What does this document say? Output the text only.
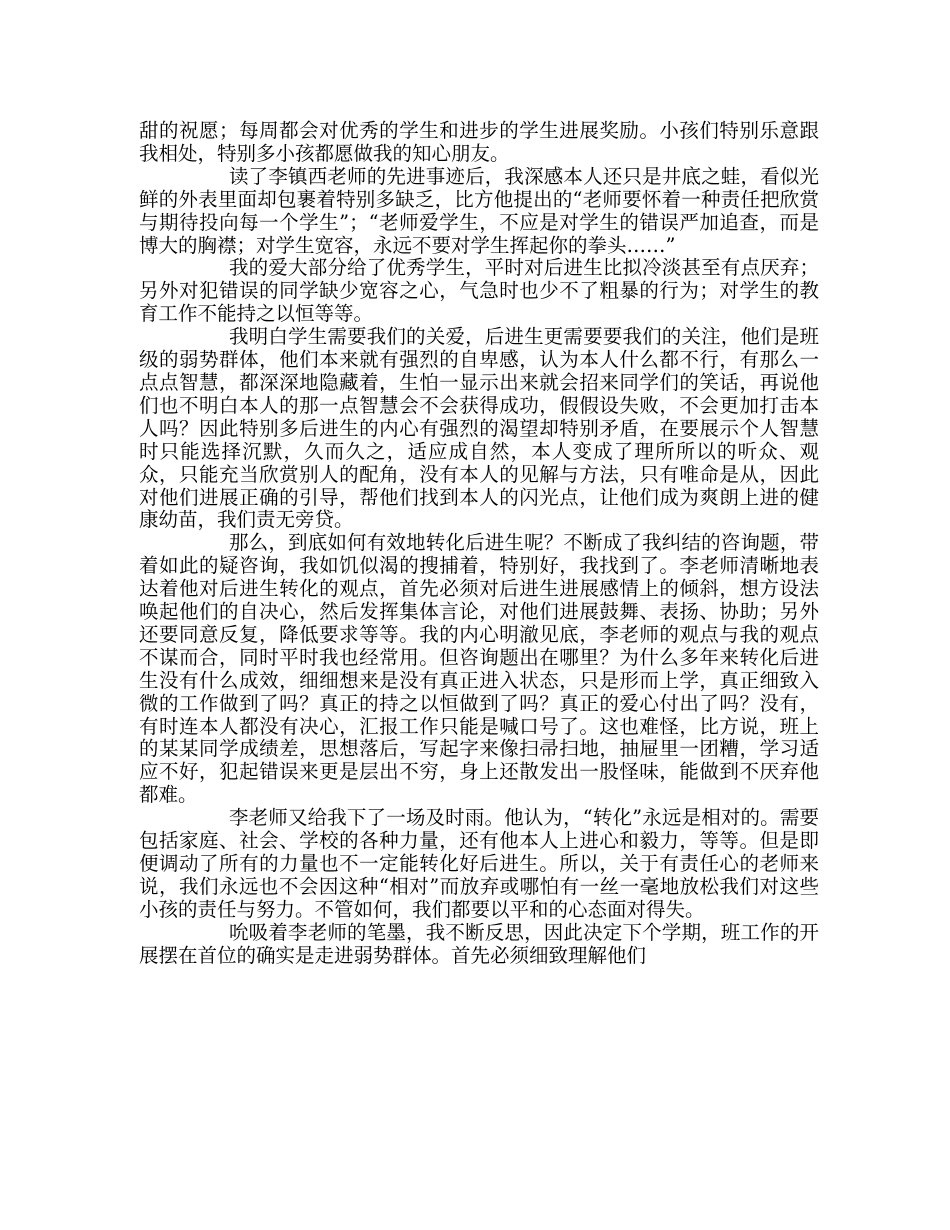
甜的祝愿；每周都会对优秀的学生和进步的学生进展奖励。小孩们特别乐意跟我相处，特别多小孩都愿做我的知心朋友。

读了李镇西老师的先进事迹后，我深感本人还只是井底之蛙，看似光鲜的外表里面却包裹着特别多缺乏，比方他提出的“老师要怀着一种责任把欣赏与期待投向每一个学生”；“老师爱学生，不应是对学生的错误严加追查，而是博大的胸襟；对学生宽容，永远不要对学生挥起你的拳头……”

我的爱大部分给了优秀学生，平时对后进生比拟冷淡甚至有点厌弃；另外对犯错误的同学缺少宽容之心，气急时也少不了粗暴的行为；对学生的教育工作不能持之以恒等等。

我明白学生需要我们的关爱，后进生更需要要我们的关注，他们是班级的弱势群体，他们本来就有强烈的自卑感，认为本人什么都不行，有那么一点点智慧，都深深地隐藏着，生怕一显示出来就会招来同学们的笑话，再说他们也不明白本人的那一点智慧会不会获得成功，假假设失败，不会更加打击本人吗？因此特别多后进生的内心有强烈的渴望却特别矛盾，在要展示个人智慧时只能选择沉默，久而久之，适应成自然，本人变成了理所所以的听众、观众，只能充当欣赏别人的配角，没有本人的见解与方法，只有唯命是从，因此对他们进展正确的引导，帮他们找到本人的闪光点，让他们成为爽朗上进的健康幼苗，我们责无旁贷。

那么，到底如何有效地转化后进生呢？不断成了我纠结的咨询题，带着如此的疑咨询，我如饥似渴的搜捕着，特别好，我找到了。李老师清晰地表达着他对后进生转化的观点，首先必须对后进生进展感情上的倾斜，想方设法唤起他们的自决心，然后发挥集体言论，对他们进展鼓舞、表扬、协助；另外还要同意反复，降低要求等等。我的内心明澈见底，李老师的观点与我的观点不谋而合，同时平时我也经常用。但咨询题出在哪里？为什么多年来转化后进生没有什么成效，细细想来是没有真正进入状态，只是形而上学，真正细致入微的工作做到了吗？真正的持之以恒做到了吗？真正的爱心付出了吗？没有，有时连本人都没有决心，汇报工作只能是喊口号了。这也难怪，比方说，班上的某某同学成绩差，思想落后，写起字来像扫帚扫地，抽屉里一团糟，学习适应不好，犯起错误来更是层出不穷，身上还散发出一股怪味，能做到不厌弃他都难。

李老师又给我下了一场及时雨。他认为，“转化”永远是相对的。需要包括家庭、社会、学校的各种力量，还有他本人上进心和毅力，等等。但是即便调动了所有的力量也不一定能转化好后进生。所以，关于有责任心的老师来说，我们永远也不会因这种“相对”而放弃或哪怕有一丝一毫地放松我们对这些小孩的责任与努力。不管如何，我们都要以平和的心态面对得失。

吮吸着李老师的笔墨，我不断反思，因此决定下个学期，班工作的开展摆在首位的确实是走进弱势群体。首先必须细致理解他们
